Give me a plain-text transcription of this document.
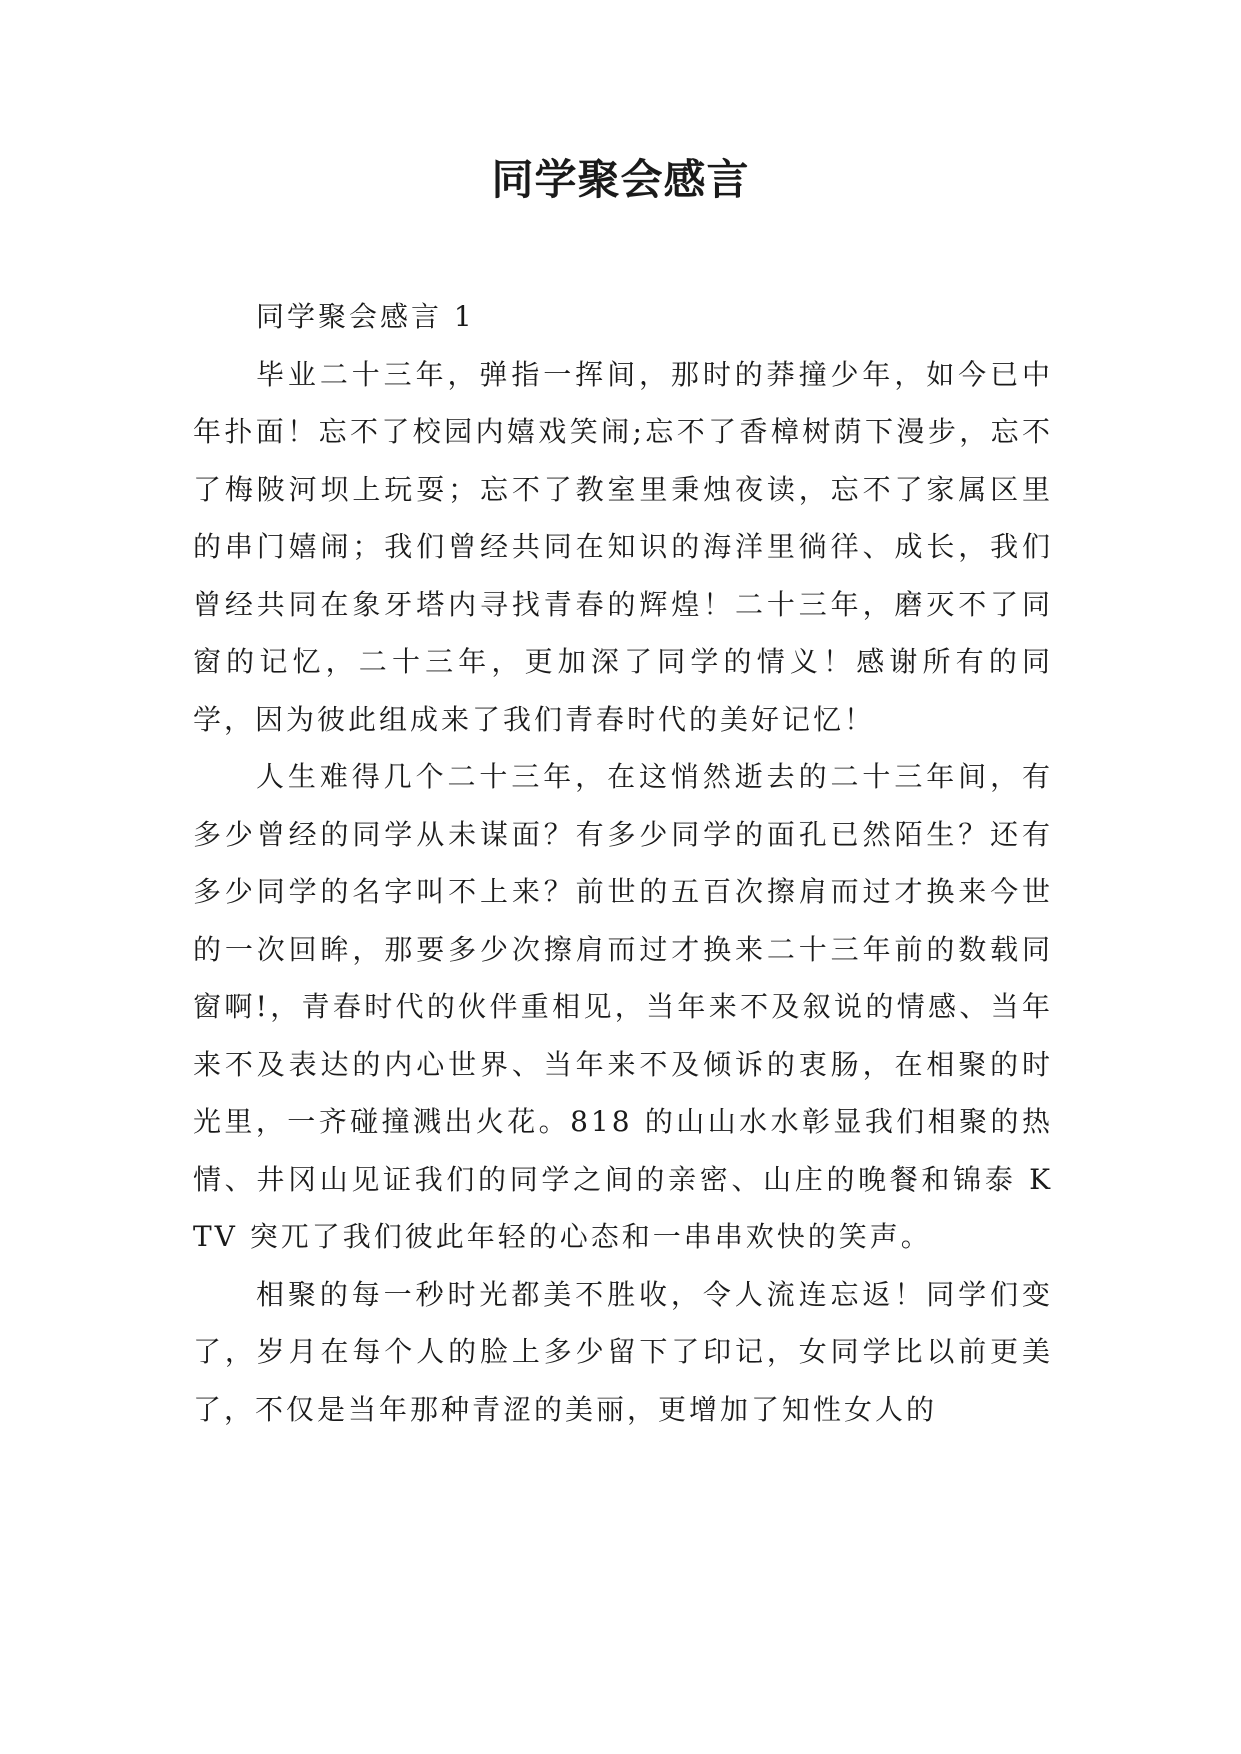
同学聚会感言

同学聚会感言 1

毕业二十三年，弹指一挥间，那时的莽撞少年，如今已中年扑面！忘不了校园内嬉戏笑闹;忘不了香樟树荫下漫步，忘不了梅陂河坝上玩耍；忘不了教室里秉烛夜读，忘不了家属区里的串门嬉闹；我们曾经共同在知识的海洋里徜徉、成长，我们曾经共同在象牙塔内寻找青春的辉煌！二十三年，磨灭不了同窗的记忆，二十三年，更加深了同学的情义！感谢所有的同学，因为彼此组成来了我们青春时代的美好记忆！

人生难得几个二十三年，在这悄然逝去的二十三年间，有多少曾经的同学从未谋面？有多少同学的面孔已然陌生？还有多少同学的名字叫不上来？前世的五百次擦肩而过才换来今世的一次回眸，那要多少次擦肩而过才换来二十三年前的数载同窗啊!，青春时代的伙伴重相见，当年来不及叙说的情感、当年来不及表达的内心世界、当年来不及倾诉的衷肠，在相聚的时光里，一齐碰撞溅出火花。818 的山山水水彰显我们相聚的热情、井冈山见证我们的同学之间的亲密、山庄的晚餐和锦泰 KTV 突兀了我们彼此年轻的心态和一串串欢快的笑声。

相聚的每一秒时光都美不胜收，令人流连忘返！同学们变了，岁月在每个人的脸上多少留下了印记，女同学比以前更美了，不仅是当年那种青涩的美丽，更增加了知性女人的
